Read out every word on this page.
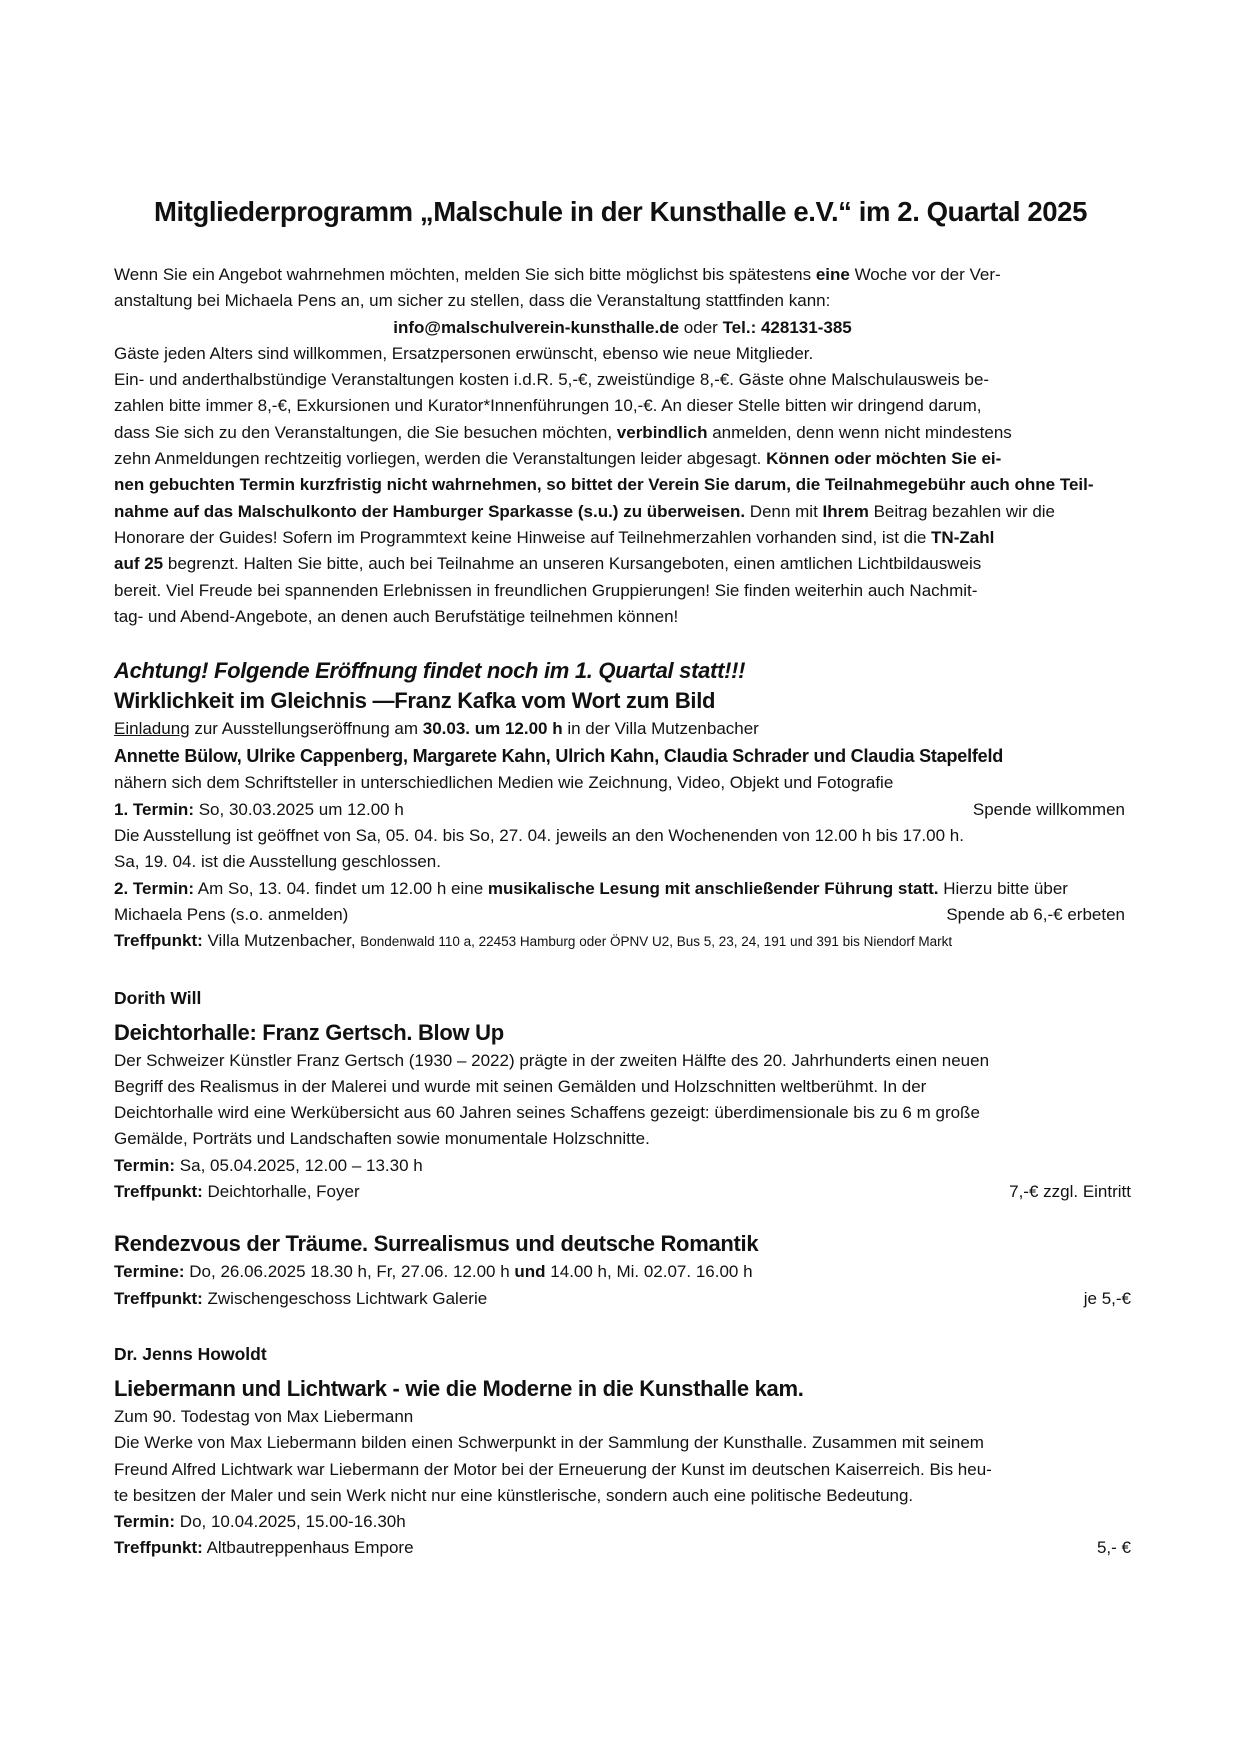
Mitgliederprogramm „Malschule in der Kunsthalle e.V.“ im 2. Quartal 2025
Wenn Sie ein Angebot wahrnehmen möchten, melden Sie sich bitte möglichst bis spätestens eine Woche vor der Ver-
anstaltung bei Michaela Pens an, um sicher zu stellen, dass die Veranstaltung stattfinden kann:
info@malschulverein-kunsthalle.de oder Tel.: 428131-385
Gäste jeden Alters sind willkommen, Ersatzpersonen erwünscht, ebenso wie neue Mitglieder.
Ein- und anderthalbstündige Veranstaltungen kosten i.d.R. 5,-€, zweistündige 8,-€. Gäste ohne Malschulausweis be-
zahlen bitte immer 8,-€, Exkursionen und Kurator*Innenführungen 10,-€. An dieser Stelle bitten wir dringend darum,
dass Sie sich zu den Veranstaltungen, die Sie besuchen möchten, verbindlich anmelden, denn wenn nicht mindestens
zehn Anmeldungen rechtzeitig vorliegen, werden die Veranstaltungen leider abgesagt. Können oder möchten Sie ei-
nen gebuchten Termin kurzfristig nicht wahrnehmen, so bittet der Verein Sie darum, die Teilnahmegebühr auch ohne Teil-
nahme auf das Malschulkonto der Hamburger Sparkasse (s.u.) zu überweisen. Denn mit Ihrem Beitrag bezahlen wir die
Honorare der Guides! Sofern im Programmtext keine Hinweise auf Teilnehmerzahlen vorhanden sind, ist die TN-Zahl
auf 25 begrenzt. Halten Sie bitte, auch bei Teilnahme an unseren Kursangeboten, einen amtlichen Lichtbildausweis
bereit. Viel Freude bei spannenden Erlebnissen in freundlichen Gruppierungen! Sie finden weiterhin auch Nachmit-
tag- und Abend-Angebote, an denen auch Berufstätige teilnehmen können!
Achtung! Folgende Eröffnung findet noch im 1. Quartal statt!!!
Wirklichkeit im Gleichnis —Franz Kafka vom Wort zum Bild
Einladung zur Ausstellungseröffnung am 30.03. um 12.00 h in der Villa Mutzenbacher
Annette Bülow, Ulrike Cappenberg, Margarete Kahn, Ulrich Kahn, Claudia Schrader und Claudia Stapelfeld
nähern sich dem Schriftsteller in unterschiedlichen Medien wie Zeichnung, Video, Objekt und Fotografie
1. Termin: So, 30.03.2025 um 12.00 h	Spende willkommen
Die Ausstellung ist geöffnet von Sa, 05. 04. bis So, 27. 04. jeweils an den Wochenenden von 12.00 h bis 17.00 h.
Sa, 19. 04. ist die Ausstellung geschlossen.
2. Termin: Am So, 13. 04. findet um 12.00 h eine musikalische Lesung mit anschließender Führung statt. Hierzu bitte über
Michaela Pens (s.o. anmelden)	Spende ab 6,-€ erbeten
Treffpunkt: Villa Mutzenbacher, Bondenwald 110 a, 22453 Hamburg oder ÖPNV U2, Bus 5, 23, 24, 191 und 391 bis Niendorf Markt
Dorith Will
Deichtorhalle: Franz Gertsch. Blow Up
Der Schweizer Künstler Franz Gertsch (1930 – 2022) prägte in der zweiten Hälfte des 20. Jahrhunderts einen neuen
Begriff des Realismus in der Malerei und wurde mit seinen Gemälden und Holzschnitten weltberühmt. In der
Deichtorhalle wird eine Werkübersicht aus 60 Jahren seines Schaffens gezeigt: überdimensionale bis zu 6 m große
Gemälde, Porträts und Landschaften sowie monumentale Holzschnitte.
Termin: Sa, 05.04.2025, 12.00 – 13.30 h
Treffpunkt: Deichtorhalle, Foyer	7,-€ zzgl. Eintritt
Rendezvous der Träume. Surrealismus und deutsche Romantik
Termine: Do, 26.06.2025 18.30 h, Fr, 27.06. 12.00 h und 14.00 h, Mi. 02.07. 16.00 h
Treffpunkt: Zwischengeschoss Lichtwark Galerie	je 5,-€
Dr. Jenns Howoldt
Liebermann und Lichtwark - wie die Moderne in die Kunsthalle kam.
Zum 90. Todestag von Max Liebermann
Die Werke von Max Liebermann bilden einen Schwerpunkt in der Sammlung der Kunsthalle. Zusammen mit seinem
Freund Alfred Lichtwark war Liebermann der Motor bei der Erneuerung der Kunst im deutschen Kaiserreich. Bis heu-
te besitzen der Maler und sein Werk nicht nur eine künstlerische, sondern auch eine politische Bedeutung.
Termin: Do, 10.04.2025, 15.00-16.30h
Treffpunkt: Altbautreppenhaus Empore	5,- €
